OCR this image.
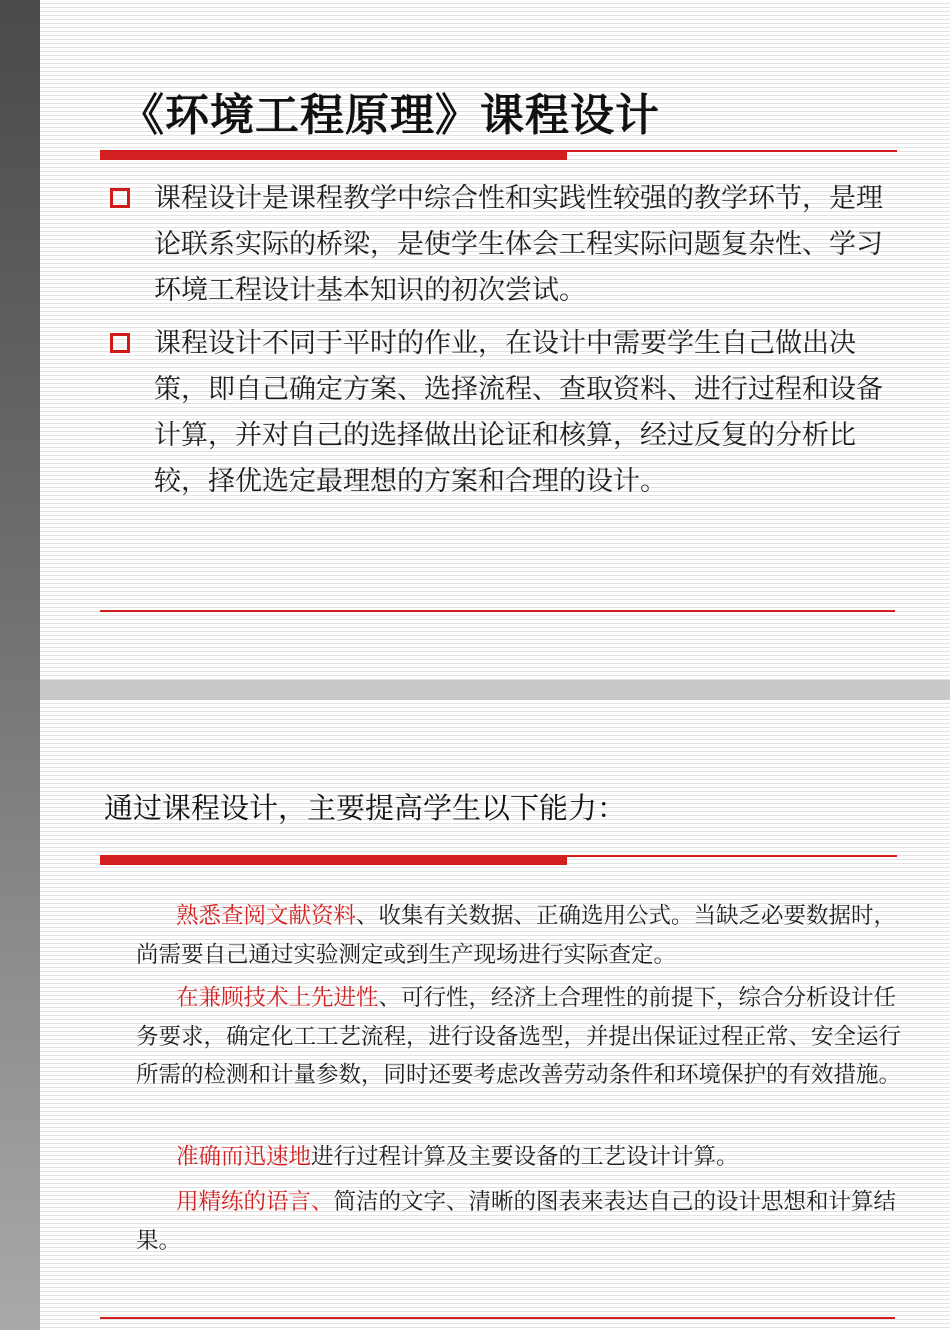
《环境工程原理》课程设计

课程设计是课程教学中综合性和实践性较强的教学环节，是理论联系实际的桥梁，是使学生体会工程实际问题复杂性、学习环境工程设计基本知识的初次尝试。

课程设计不同于平时的作业，在设计中需要学生自己做出决策，即自己确定方案、选择流程、查取资料、进行过程和设备计算，并对自己的选择做出论证和核算，经过反复的分析比较，择优选定最理想的方案和合理的设计。

通过课程设计，主要提高学生以下能力：

熟悉查阅文献资料、收集有关数据、正确选用公式。当缺乏必要数据时，尚需要自己通过实验测定或到生产现场进行实际查定。

在兼顾技术上先进性、可行性，经济上合理性的前提下，综合分析设计任务要求，确定化工工艺流程，进行设备选型，并提出保证过程正常、安全运行所需的检测和计量参数，同时还要考虑改善劳动条件和环境保护的有效措施。

准确而迅速地进行过程计算及主要设备的工艺设计计算。

用精练的语言、简洁的文字、清晰的图表来表达自己的设计思想和计算结果。
